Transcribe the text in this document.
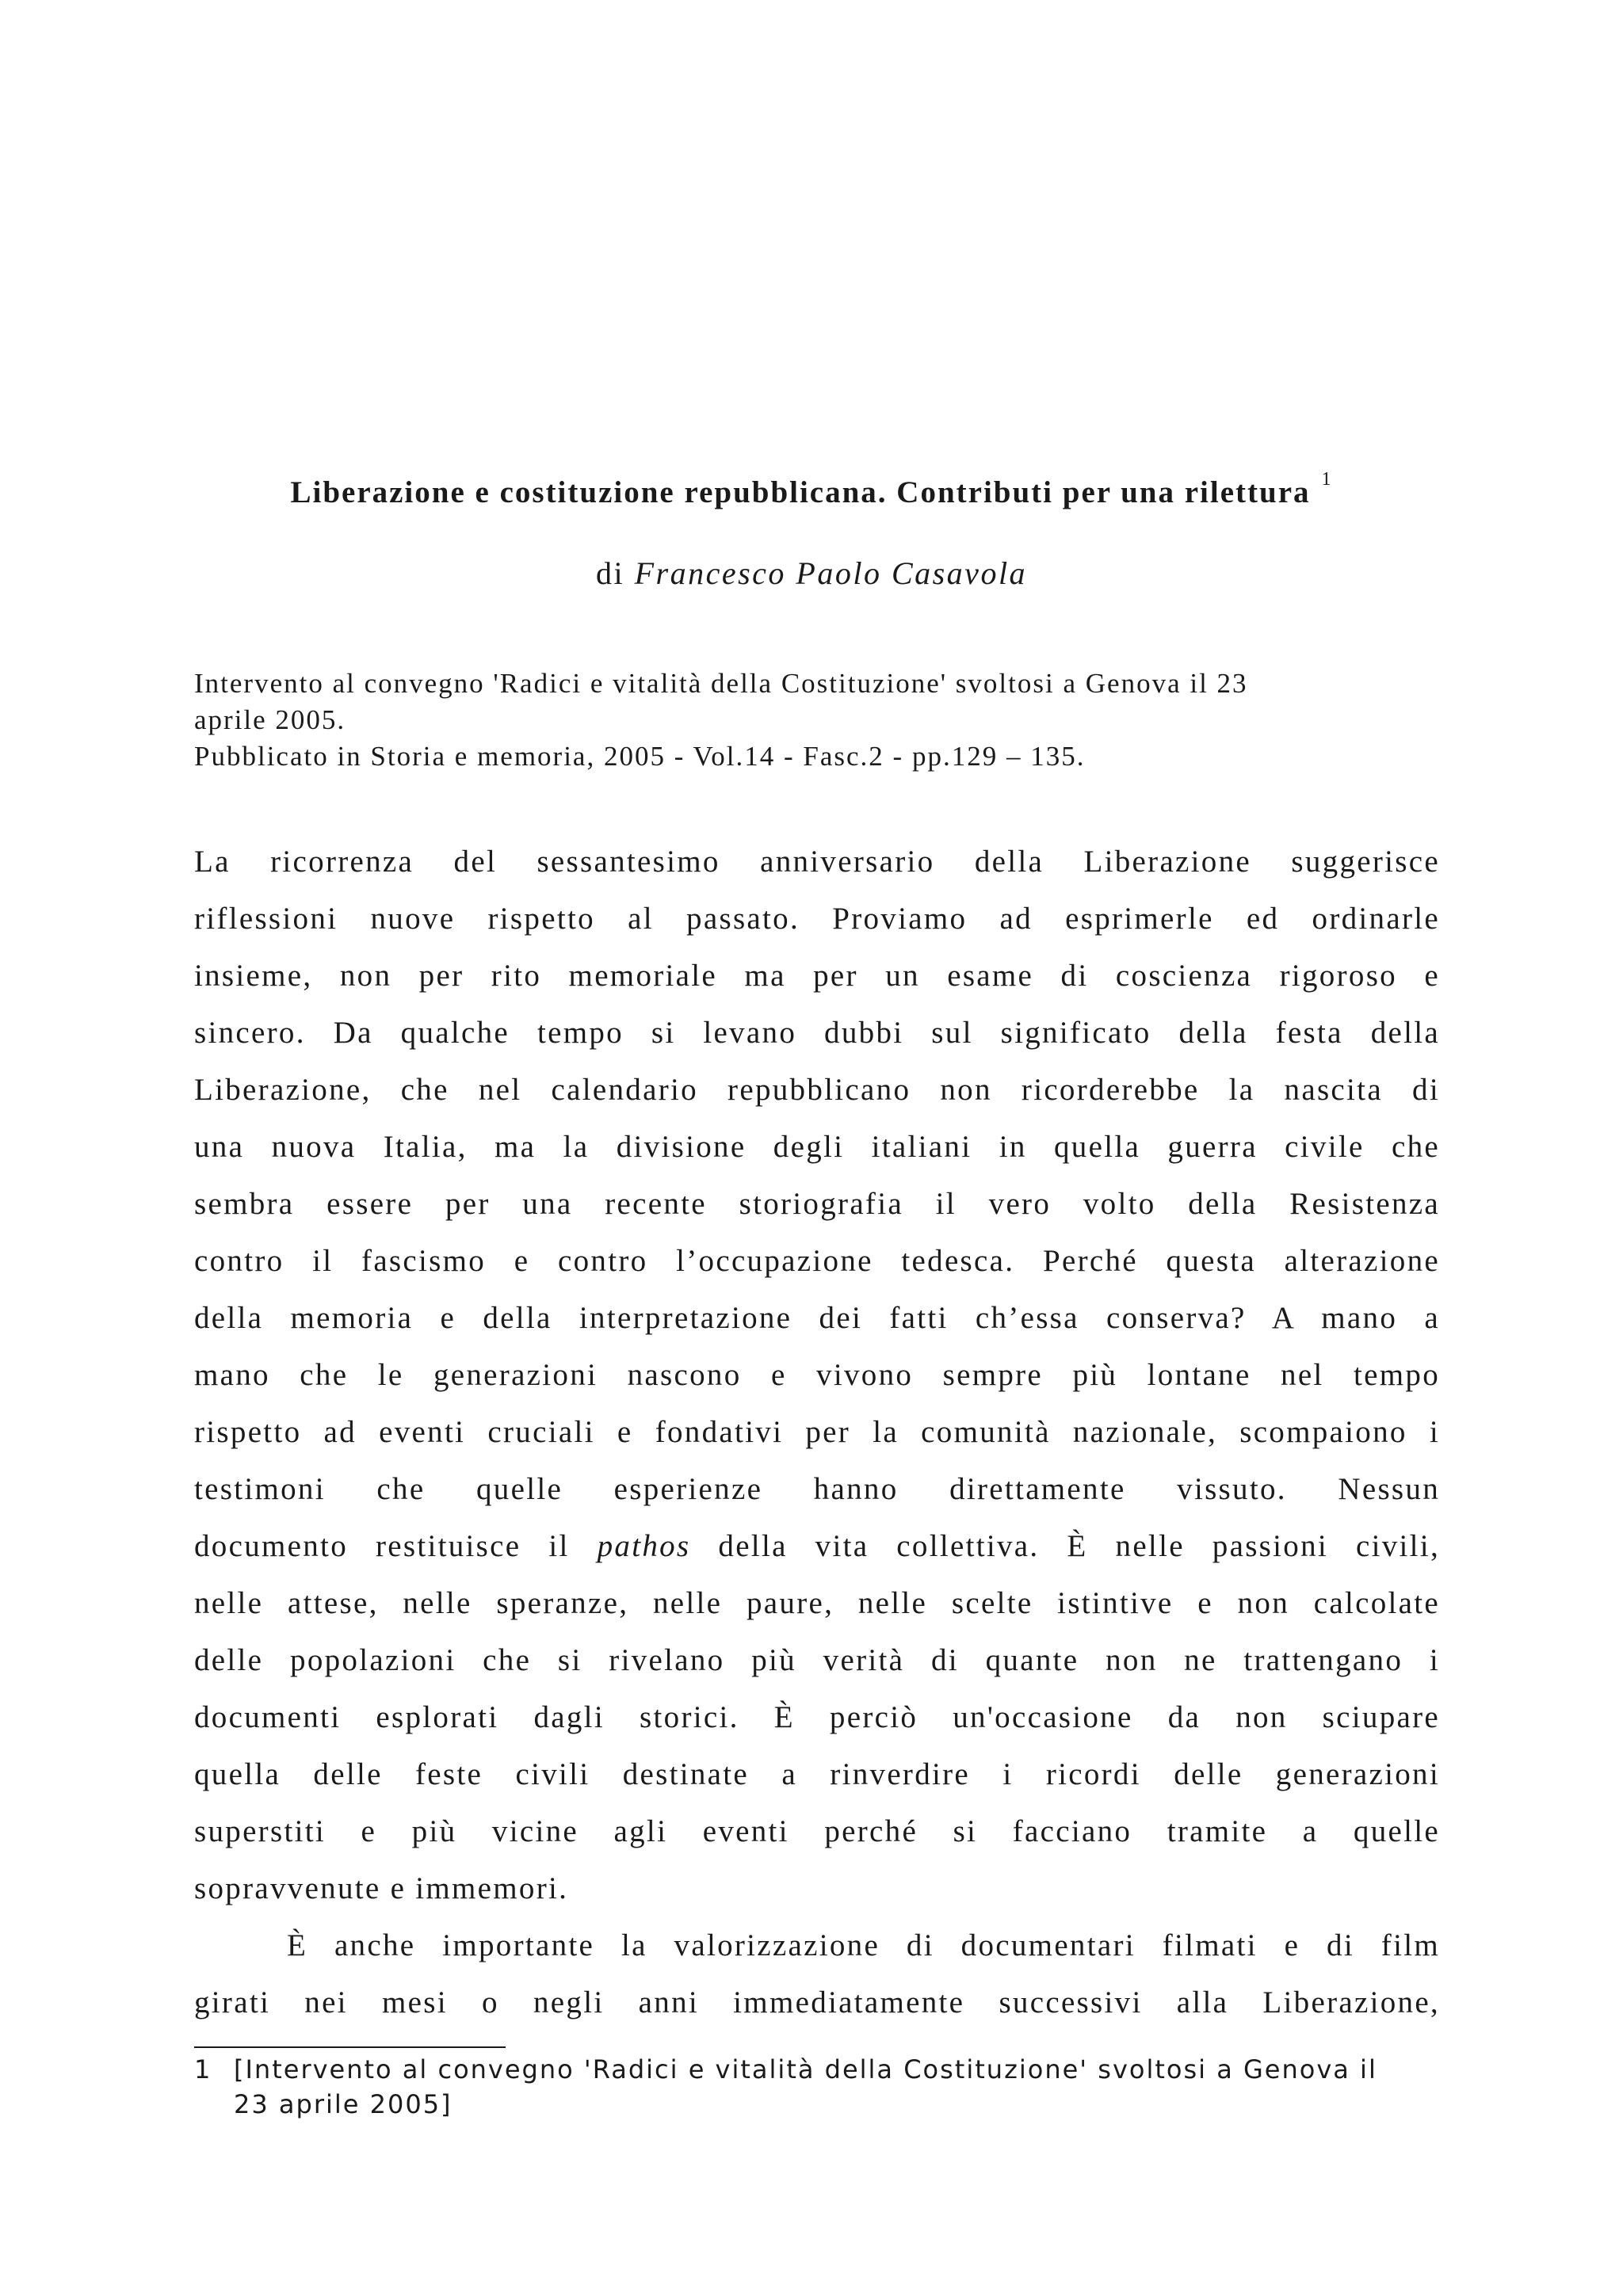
Liberazione e costituzione repubblicana. Contributi per una rilettura $^1$
di Francesco Paolo Casavola
Intervento al convegno 'Radici e vitalità della Costituzione' svoltosi a Genova il 23
aprile 2005.
Pubblicato in Storia e memoria, 2005 - Vol.14 - Fasc.2 - pp.129 – 135.
La ricorrenza del sessantesimo anniversario della Liberazione suggerisce
riflessioni nuove rispetto al passato. Proviamo ad esprimerle ed ordinarle
insieme, non per rito memoriale ma per un esame di coscienza rigoroso e
sincero. Da qualche tempo si levano dubbi sul significato della festa della
Liberazione, che nel calendario repubblicano non ricorderebbe la nascita di
una nuova Italia, ma la divisione degli italiani in quella guerra civile che
sembra essere per una recente storiografia il vero volto della Resistenza
contro il fascismo e contro l’occupazione tedesca. Perché questa alterazione
della memoria e della interpretazione dei fatti ch’essa conserva? A mano a
mano che le generazioni nascono e vivono sempre più lontane nel tempo
rispetto ad eventi cruciali e fondativi per la comunità nazionale, scompaiono i
testimoni che quelle esperienze hanno direttamente vissuto. Nessun
documento restituisce il pathos della vita collettiva. È nelle passioni civili,
nelle attese, nelle speranze, nelle paure, nelle scelte istintive e non calcolate
delle popolazioni che si rivelano più verità di quante non ne trattengano i
documenti esplorati dagli storici. È perciò un'occasione da non sciupare
quella delle feste civili destinate a rinverdire i ricordi delle generazioni
superstiti e più vicine agli eventi perché si facciano tramite a quelle
sopravvenute e immemori.
È anche importante la valorizzazione di documentari filmati e di film
girati nei mesi o negli anni immediatamente successivi alla Liberazione,
1 [Intervento al convegno 'Radici e vitalità della Costituzione' svoltosi a Genova il
23 aprile 2005]
